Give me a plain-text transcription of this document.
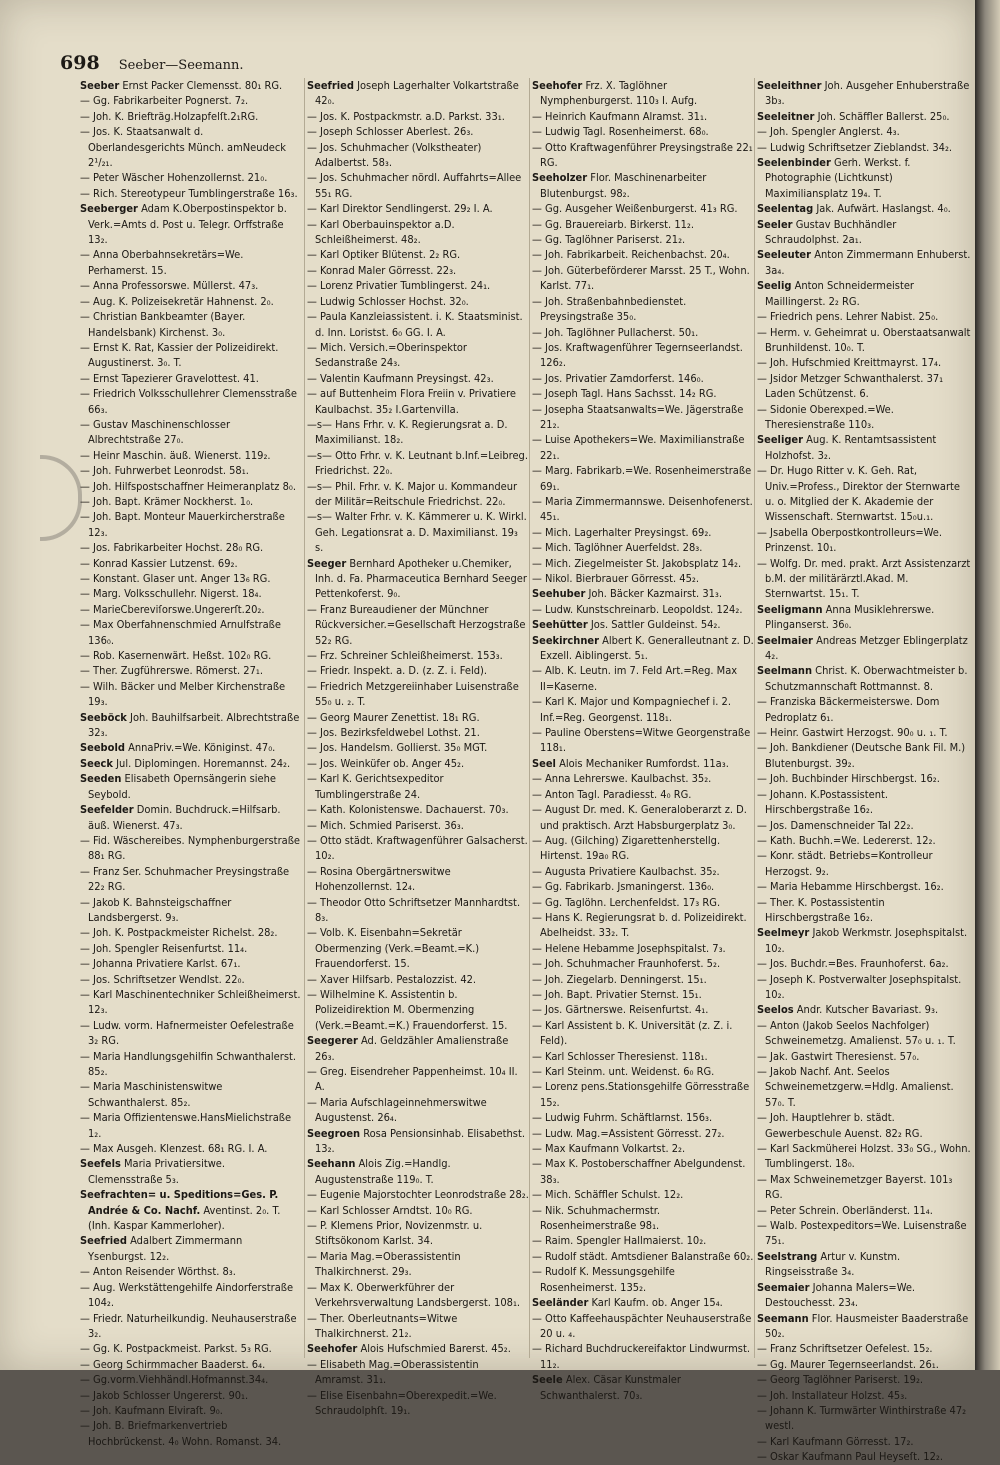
698 Seeber—Seemann.
Seeber Ernst Packer Clemensst. 80₁ RG.
— Gg. Fabrikarbeiter Pognerst. 7₂.
— Joh. K. Briefträg.Holzapfelſt.2₁RG.
— Jos. K. Staatsanwalt d. Oberlandesgerichts Münch. amNeudeck 2¹/₂₁.
— Peter Wäscher Hohenzollernst. 21₀.
— Rich. Stereotypeur Tumblingerstraße 16₃.
Seeberger Adam K.Oberpostinspektor b. Verk.=Amts d. Post u. Telegr. Orffstraße 13₂.
— Anna Oberbahnsekretärs=We. Perhamerst. 15.
— Anna Professorswe. Müllerst. 47₃.
— Aug. K. Polizeisekretär Hahnenst. 2₀.
— Christian Bankbeamter (Bayer. Handelsbank) Kirchenst. 3₀.
— Ernst K. Rat, Kassier der Polizeidirekt. Augustinerst. 3₀. T.
— Ernst Tapezierer Gravelottest. 41.
— Friedrich Volksschullehrer Clemensstraße 66₃.
— Gustav Maschinenschlosser Albrechtstraße 27₀.
— Heinr Maschin. äuß. Wienerst. 119₂.
— Joh. Fuhrwerbet Leonrodst. 58₁.
— Joh. Hilfspostschaffner Heimeranplatz 8₀.
— Joh. Bapt. Krämer Nockherst. 1₀.
— Joh. Bapt. Monteur Mauerkircherstraße 12₃.
— Jos. Fabrikarbeiter Hochst. 28₀ RG.
— Konrad Kassier Lutzenst. 69₂.
— Konstant. Glaser unt. Anger 13₆ RG.
— Marg. Volksschullehr. Nigerst. 18₄.
— MarieCbereviſorswe.Ungererſt.20₂.
— Max Oberfahnenschmied Arnulfstraße 136₀.
— Rob. Kasernenwärt. Heßst. 102₀ RG.
— Ther. Zugführerswe. Römerst. 27₁.
— Wilh. Bäcker und Melber Kirchenstraße 19₃.
Seeböck Joh. Bauhilfsarbeit. Albrechtstraße 32₃.
Seebold AnnaPriv.=We. Königinst. 47₀.
Seeck Jul. Diplomingen. Horemannst. 24₂.
Seeden Elisabeth Opernsängerin siehe Seybold.
Seefelder Domin. Buchdruck.=Hilfsarb. äuß. Wienerst. 47₃.
— Fid. Wäschereibes. Nymphenburgerstraße 88₁ RG.
— Franz Ser. Schuhmacher Preysingstraße 22₂ RG.
— Jakob K. Bahnsteigschaffner Landsbergerst. 9₃.
— Joh. K. Postpackmeister Richelst. 28₂.
— Joh. Spengler Reisenfurtst. 11₄.
— Johanna Privatiere Karlst. 67₁.
— Jos. Schriftsetzer Wendlst. 22₀.
— Karl Maschinentechniker Schleißheimerst. 12₃.
— Ludw. vorm. Hafnermeister Oefelestraße 3₂ RG.
— Maria Handlungsgehilfin Schwanthalerst. 85₂.
— Maria Maschinistenswitwe Schwanthalerst. 85₂.
— Maria Offizientenswe.HansMielichstraße 1₂.
— Max Ausgeh. Klenzest. 68₁ RG. I. A.
Seefels Maria Privatiersitwe. Clemensstraße 5₃.
Seefrachten= u. Speditions=Ges. P. Andrée & Co. Nachf. Aventinst. 2₀. T. (Inh. Kaspar Kammerloher).
Seefried Adalbert Zimmermann Ysenburgst. 12₂.
— Anton Reisender Wörthst. 8₃.
— Aug. Werkstättengehilfe Aindorferstraße 104₂.
— Friedr. Naturheilkundig. Neuhauserstraße 3₂.
— Gg. K. Postpackmeist. Parkst. 5₃ RG.
— Georg Schirmmacher Baaderst. 6₄.
— Gg.vorm.Viehhändl.Hofmannst.34₄.
— Jakob Schlosser Ungererst. 90₁.
— Joh. Kaufmann Elviraſt. 9₀.
— Joh. B. Briefmarkenvertrieb Hochbrückenst. 4₀ Wohn. Romanst. 34.
Seefried Joseph Lagerhalter Volkartstraße 42₀.
— Jos. K. Postpackmstr. a.D. Parkst. 33₁.
— Joseph Schlosser Aberlest. 26₃.
— Jos. Schuhmacher (Volkstheater) Adalbertst. 58₃.
— Jos. Schuhmacher nördl. Auffahrts=Allee 55₁ RG.
— Karl Direktor Sendlingerst. 29₂ I. A.
— Karl Oberbauinspektor a.D. Schleißheimerst. 48₂.
— Karl Optiker Blütenst. 2₂ RG.
— Konrad Maler Görresst. 22₃.
— Lorenz Privatier Tumblingerst. 24₁.
— Ludwig Schlosser Hochst. 32₀.
— Paula Kanzleiassistent. i. K. Staatsminist. d. Inn. Loristst. 6₀ GG. I. A.
— Mich. Versich.=Oberinspektor Sedanstraße 24₃.
— Valentin Kaufmann Preysingst. 42₃.
— auf Buttenheim Flora Freiin v. Privatiere Kaulbachst. 35₂ I.Gartenvilla.
—s— Hans Frhr. v. K. Regierungsrat a. D. Maximilianst. 18₂.
—s— Otto Frhr. v. K. Leutnant b.Inf.=Leibreg. Friedrichst. 22₀.
—s— Phil. Frhr. v. K. Major u. Kommandeur der Militär=Reitschule Friedrichst. 22₀.
—s— Walter Frhr. v. K. Kämmerer u. K. Wirkl. Geh. Legationsrat a. D. Maximilianst. 19₃ s.
Seeger Bernhard Apotheker u.Chemiker, Inh. d. Fa. Pharmaceutica Bernhard Seeger Pettenkoferst. 9₀.
— Franz Bureaudiener der Münchner Rückversicher.=Gesellschaft Herzogstraße 52₂ RG.
— Frz. Schreiner Schleißheimerst. 153₃.
— Friedr. Inspekt. a. D. (z. Z. i. Feld).
— Friedrich Metzgereiinhaber Luisenstraße 55₀ u. ₂. T.
— Georg Maurer Zenettist. 18₁ RG.
— Jos. Bezirksfeldwebel Lothst. 21.
— Jos. Handelsm. Gollierst. 35₀ MGT.
— Jos. Weinküfer ob. Anger 45₂.
— Karl K. Gerichtsexpeditor Tumblingerstraße 24.
— Kath. Kolonistenswe. Dachauerst. 70₃.
— Mich. Schmied Pariserst. 36₃.
— Otto städt. Kraftwagenführer Galsacherst. 10₂.
— Rosina Obergärtnerswitwe Hohenzollernst. 12₄.
— Theodor Otto Schriftsetzer Mannhardtst. 8₃.
— Volb. K. Eisenbahn=Sekretär Obermenzing (Verk.=Beamt.=K.) Frauendorferst. 15.
— Xaver Hilfsarb. Pestalozzist. 42.
— Wilhelmine K. Assistentin b. Polizeidirektion M. Obermenzing (Verk.=Beamt.=K.) Frauendorferst. 15.
Seegerer Ad. Geldzähler Amalienstraße 26₃.
— Greg. Eisendreher Pappenheimst. 10₄ II. A.
— Maria Aufschlageinnehmerswitwe Augustenst. 26₄.
Seegroen Rosa Pensionsinhab. Elisabethst. 13₂.
Seehann Alois Zig.=Handlg. Augustenstraße 119₀. T.
— Eugenie Majorstochter Leonrodstraße 28₂.
— Karl Schlosser Arndtst. 10₀ RG.
— P. Klemens Prior, Novizenmstr. u. Stiftsökonom Karlst. 34.
— Maria Mag.=Oberassistentin Thalkirchnerst. 29₃.
— Max K. Oberwerkführer der Verkehrsverwaltung Landsbergerst. 108₁.
— Ther. Oberleutnants=Witwe Thalkirchnerst. 21₂.
Seehofer Alois Hufschmied Barerst. 45₂.
— Elisabeth Mag.=Oberassistentin Amramst. 31₁.
— Elise Eisenbahn=Oberexpedit.=We. Schraudolphſt. 19₁.
Seehofer Frz. X. Taglöhner Nymphenburgerst. 110₃ I. Aufg.
— Heinrich Kaufmann Alramst. 31₁.
— Ludwig Tagl. Rosenheimerst. 68₀.
— Otto Kraftwagenführer Preysingstraße 22₁ RG.
Seeholzer Flor. Maschinenarbeiter Blutenburgst. 98₂.
— Gg. Ausgeher Weißenburgerst. 41₃ RG.
— Gg. Brauereiarb. Birkerst. 11₂.
— Gg. Taglöhner Pariserst. 21₂.
— Joh. Fabrikarbeit. Reichenbachst. 20₄.
— Joh. Güterbeförderer Marsst. 25 T., Wohn. Karlst. 77₁.
— Joh. Straßenbahnbedienstet. Preysingstraße 35₀.
— Joh. Taglöhner Pullacherst. 50₁.
— Jos. Kraftwagenführer Tegernseerlandst. 126₂.
— Jos. Privatier Zamdorferst. 146₀.
— Joseph Tagl. Hans Sachsst. 14₂ RG.
— Josepha Staatsanwalts=We. Jägerstraße 21₂.
— Luise Apothekers=We. Maximilianstraße 22₁.
— Marg. Fabrikarb.=We. Rosenheimerstraße 69₁.
— Maria Zimmermannswe. Deisenhofenerst. 45₁.
— Mich. Lagerhalter Preysingst. 69₂.
— Mich. Taglöhner Auerfeldst. 28₃.
— Mich. Ziegelmeister St. Jakobsplatz 14₂.
— Nikol. Bierbrauer Görresst. 45₂.
Seehuber Joh. Bäcker Kazmairst. 31₃.
— Ludw. Kunstschreinarb. Leopoldst. 124₂.
Seehütter Jos. Sattler Guldeinst. 54₂.
Seekirchner Albert K. Generalleutnant z. D. Exzell. Aiblingerst. 5₁.
— Alb. K. Leutn. im 7. Feld Art.=Reg. Max II=Kaserne.
— Karl K. Major und Kompagniechef i. 2. Inf.=Reg. Georgenst. 118₁.
— Pauline Oberstens=Witwe Georgenstraße 118₁.
Seel Alois Mechaniker Rumfordst. 11a₃.
— Anna Lehrerswe. Kaulbachst. 35₂.
— Anton Tagl. Paradiesst. 4₀ RG.
— August Dr. med. K. Generaloberarzt z. D. und praktisch. Arzt Habsburgerplatz 3₀.
— Aug. (Gilching) Zigarettenherstellg. Hirtenst. 19a₀ RG.
— Augusta Privatiere Kaulbachst. 35₂.
— Gg. Fabrikarb. Jsmaningerst. 136₀.
— Gg. Taglöhn. Lerchenfeldst. 17₃ RG.
— Hans K. Regierungsrat b. d. Polizeidirekt. Abelheidst. 33₂. T.
— Helene Hebamme Josephspitalst. 7₃.
— Joh. Schuhmacher Fraunhoferst. 5₂.
— Joh. Ziegelarb. Denningerst. 15₁.
— Joh. Bapt. Privatier Sternst. 15₁.
— Jos. Gärtnerswe. Reisenfurtst. 4₁.
— Karl Assistent b. K. Universität (z. Z. i. Feld).
— Karl Schlosser Theresienst. 118₁.
— Karl Steinm. unt. Weidenst. 6₀ RG.
— Lorenz pens.Stationsgehilfe Görresstraße 15₂.
— Ludwig Fuhrm. Schäftlarnst. 156₃.
— Ludw. Mag.=Assistent Görresst. 27₂.
— Max Kaufmann Volkartst. 2₂.
— Max K. Postoberschaffner Abelgundenst. 38₃.
— Mich. Schäffler Schulst. 12₂.
— Nik. Schuhmachermstr. Rosenheimerstraße 98₁.
— Raim. Spengler Hallmaierst. 10₂.
— Rudolf städt. Amtsdiener Balanstraße 60₂.
— Rudolf K. Messungsgehilfe Rosenheimerst. 135₂.
Seeländer Karl Kaufm. ob. Anger 15₄.
— Otto Kaffeehauspächter Neuhauserstraße 20 u. ₄.
— Richard Buchdruckereifaktor Lindwurmst. 11₂.
Seele Alex. Cäsar Kunstmaler Schwanthalerst. 70₃.
Seeleithner Joh. Ausgeher Enhuberstraße 3b₃.
Seeleitner Joh. Schäffler Ballerst. 25₀.
— Joh. Spengler Anglerst. 4₃.
— Ludwig Schriftsetzer Zieblandst. 34₂.
Seelenbinder Gerh. Werkst. f. Photographie (Lichtkunst) Maximiliansplatz 19₄. T.
Seelentag Jak. Aufwärt. Haslangst. 4₀.
Seeler Gustav Buchhändler Schraudolphst. 2a₁.
Seeleuter Anton Zimmermann Enhuberst. 3a₄.
Seelig Anton Schneidermeister Maillingerst. 2₂ RG.
— Friedrich pens. Lehrer Nabist. 25₀.
— Herm. v. Geheimrat u. Oberstaatsanwalt Brunhildenst. 10₀. T.
— Joh. Hufschmied Kreittmayrst. 17₄.
— Jsidor Metzger Schwanthalerst. 37₁ Laden Schützenst. 6.
— Sidonie Oberexped.=We. Theresienstraße 110₃.
Seeliger Aug. K. Rentamtsassistent Holzhofst. 3₂.
— Dr. Hugo Ritter v. K. Geh. Rat, Univ.=Profess., Direktor der Sternwarte u. o. Mitglied der K. Akademie der Wissenschaft. Sternwartst. 15₀u.₁.
— Jsabella Oberpostkontrolleurs=We. Prinzenst. 10₁.
— Wolfg. Dr. med. prakt. Arzt Assistenzarzt b.M. der militärärztl.Akad. M. Sternwartst. 15₁. T.
Seeligmann Anna Musiklehrerswe. Plinganserst. 36₀.
Seelmaier Andreas Metzger Eblingerplatz 4₂.
Seelmann Christ. K. Oberwachtmeister b. Schutzmannschaft Rottmannst. 8.
— Franziska Bäckermeisterswe. Dom Pedroplatz 6₁.
— Heinr. Gastwirt Herzogst. 90₀ u. ₁. T.
— Joh. Bankdiener (Deutsche Bank Fil. M.) Blutenburgst. 39₂.
— Joh. Buchbinder Hirschbergst. 16₂.
— Johann. K.Postassistent. Hirschbergstraße 16₂.
— Jos. Damenschneider Tal 22₂.
— Kath. Buchh.=We. Ledererst. 12₂.
— Konr. städt. Betriebs=Kontrolleur Herzogst. 9₂.
— Maria Hebamme Hirschbergst. 16₂.
— Ther. K. Postassistentin Hirschbergstraße 16₂.
Seelmeyr Jakob Werkmstr. Josephspitalst. 10₂.
— Jos. Buchdr.=Bes. Fraunhoferst. 6a₂.
— Joseph K. Postverwalter Josephspitalst. 10₂.
Seelos Andr. Kutscher Bavariast. 9₃.
— Anton (Jakob Seelos Nachfolger) Schweinemetzg. Amalienst. 57₀ u. ₁. T.
— Jak. Gastwirt Theresienst. 57₀.
— Jakob Nachf. Ant. Seelos Schweinemetzgerw.=Hdlg. Amalienst. 57₀. T.
— Joh. Hauptlehrer b. städt. Gewerbeschule Auenst. 82₂ RG.
— Karl Sackmüherei Holzst. 33₀ SG., Wohn. Tumblingerst. 18₀.
— Max Schweinemetzger Bayerst. 101₃ RG.
— Peter Schrein. Oberländerst. 11₄.
— Walb. Postexpeditors=We. Luisenstraße 75₁.
Seelstrang Artur v. Kunstm. Ringseisstraße 3₄.
Seemaier Johanna Malers=We. Destouchesst. 23₄.
Seemann Flor. Hausmeister Baaderstraße 50₂.
— Franz Schriftsetzer Oefelest. 15₂.
— Gg. Maurer Tegernseerlandst. 26₁.
— Georg Taglöhner Pariserst. 19₂.
— Joh. Installateur Holzst. 45₃.
— Johann K. Turmwärter Winthirstraße 47₂ westl.
— Karl Kaufmann Görresst. 17₂.
— Oskar Kaufmann Paul Heyseſt. 12₂.
